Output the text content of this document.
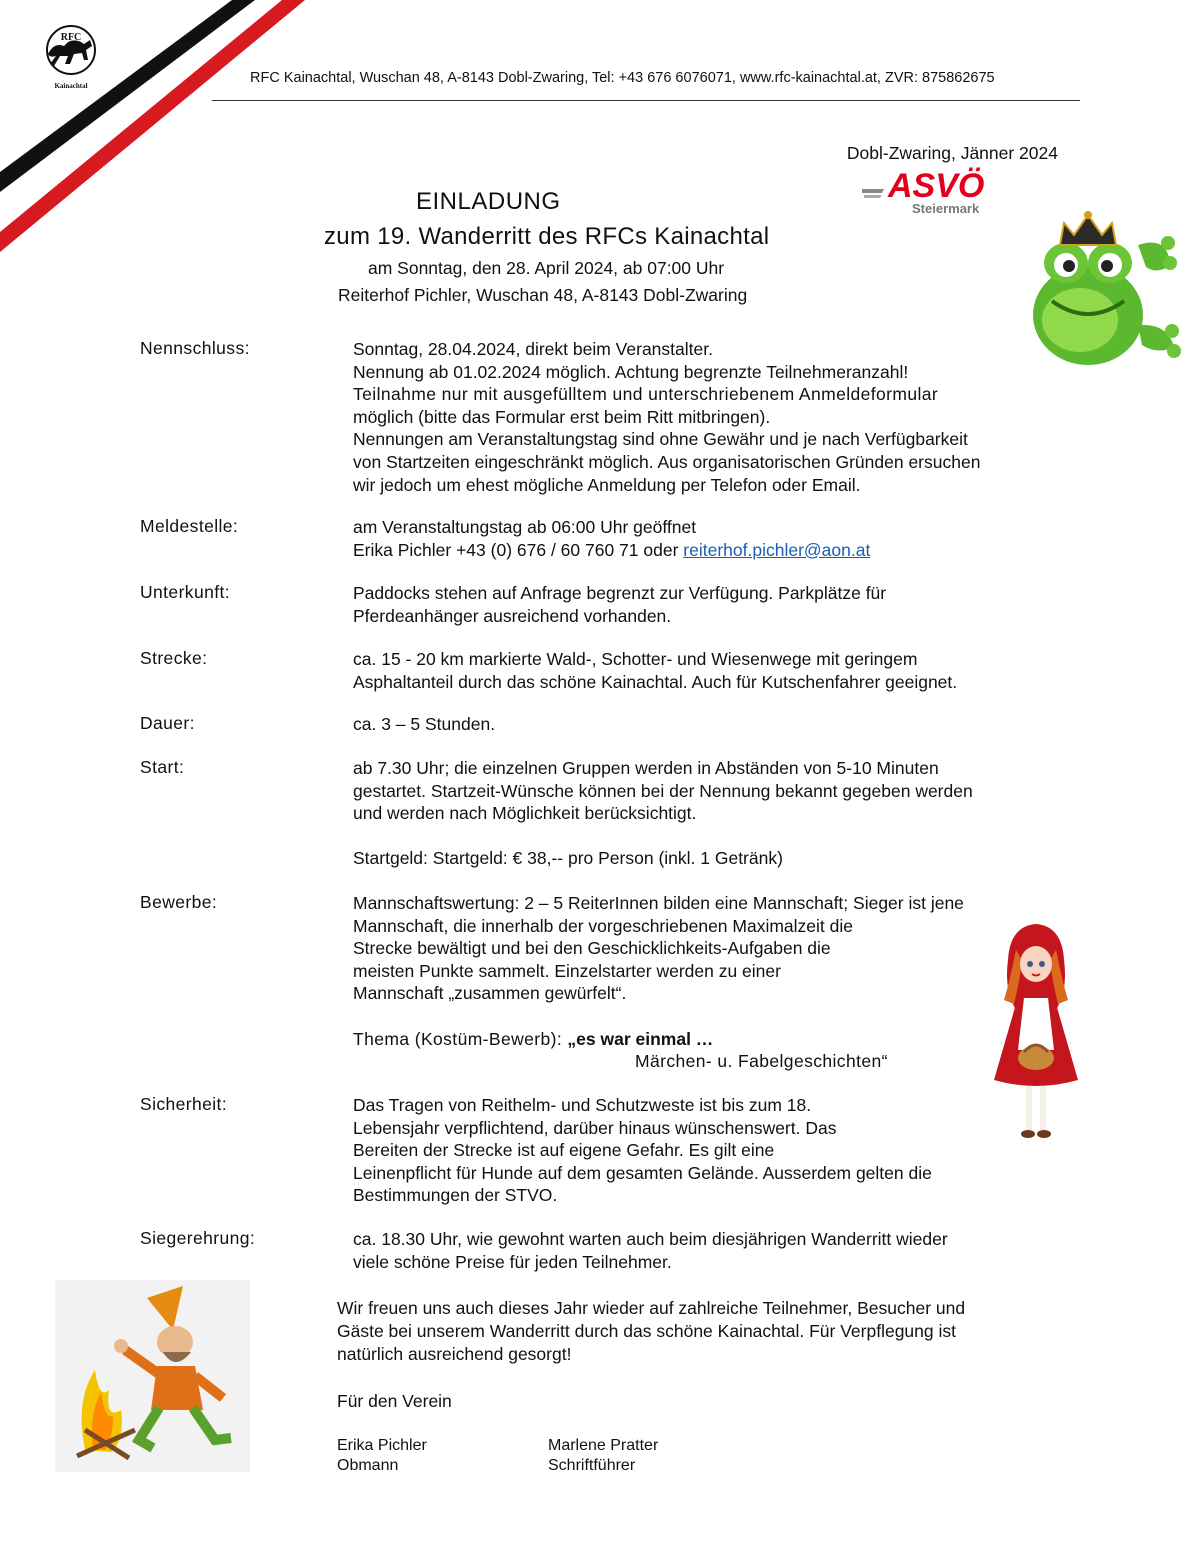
RFC
Kainachtal	RFC Kainachtal, Wuschan 48, A-8143 Dobl-Zwaring, Tel: +43 676 6076071, www.rfc-kainachtal.at, ZVR: 875862675
Dobl-Zwaring, Jänner 2024
ASVÖ
Steiermark
EINLADUNG
zum 19. Wanderritt des RFCs Kainachtal
am Sonntag, den 28. April 2024, ab 07:00 Uhr
Reiterhof Pichler, Wuschan 48, A-8143 Dobl-Zwaring
Nennschluss:	Sonntag, 28.04.2024, direkt beim Veranstalter.
Nennung ab 01.02.2024 möglich. Achtung begrenzte Teilnehmeranzahl!
Teilnahme nur mit ausgefülltem und unterschriebenem Anmeldeformular
möglich (bitte das Formular erst beim Ritt mitbringen).
Nennungen am Veranstaltungstag sind ohne Gewähr und je nach Verfügbarkeit
von Startzeiten eingeschränkt möglich. Aus organisatorischen Gründen ersuchen
wir jedoch um ehest mögliche Anmeldung per Telefon oder Email.
Meldestelle:	am Veranstaltungstag ab 06:00 Uhr geöffnet
Erika Pichler +43 (0) 676 / 60 760 71 oder reiterhof.pichler@aon.at
Unterkunft:	Paddocks stehen auf Anfrage begrenzt zur Verfügung. Parkplätze für
Pferdeanhänger ausreichend vorhanden.
Strecke:	ca. 15 - 20 km markierte Wald-, Schotter- und Wiesenwege mit geringem
Asphaltanteil durch das schöne Kainachtal. Auch für Kutschenfahrer geeignet.
Dauer:	ca. 3 – 5 Stunden.
Start:	ab 7.30 Uhr; die einzelnen Gruppen werden in Abständen von 5-10 Minuten
gestartet. Startzeit-Wünsche können bei der Nennung bekannt gegeben werden
und werden nach Möglichkeit berücksichtigt.
Startgeld: Startgeld: € 38,-- pro Person (inkl. 1 Getränk)
Bewerbe:	Mannschaftswertung: 2 – 5 ReiterInnen bilden eine Mannschaft; Sieger ist jene
Mannschaft, die innerhalb der vorgeschriebenen Maximalzeit die
Strecke bewältigt und bei den Geschicklichkeits-Aufgaben die
meisten Punkte sammelt. Einzelstarter werden zu einer
Mannschaft „zusammen gewürfelt“.
Thema (Kostüm-Bewerb): „es war einmal …
Märchen- u. Fabelgeschichten“
Sicherheit:	Das Tragen von Reithelm- und Schutzweste ist bis zum 18.
Lebensjahr verpflichtend, darüber hinaus wünschenswert. Das
Bereiten der Strecke ist auf eigene Gefahr. Es gilt eine
Leinenpflicht für Hunde auf dem gesamten Gelände. Ausserdem gelten die
Bestimmungen der STVO.
Siegerehrung:	ca. 18.30 Uhr, wie gewohnt warten auch beim diesjährigen Wanderritt wieder
viele schöne Preise für jeden Teilnehmer.
Wir freuen uns auch dieses Jahr wieder auf zahlreiche Teilnehmer, Besucher und
Gäste bei unserem Wanderritt durch das schöne Kainachtal. Für Verpflegung ist
natürlich ausreichend gesorgt!
Für den Verein
Erika Pichler
Obmann
Marlene Pratter
Schriftführer
